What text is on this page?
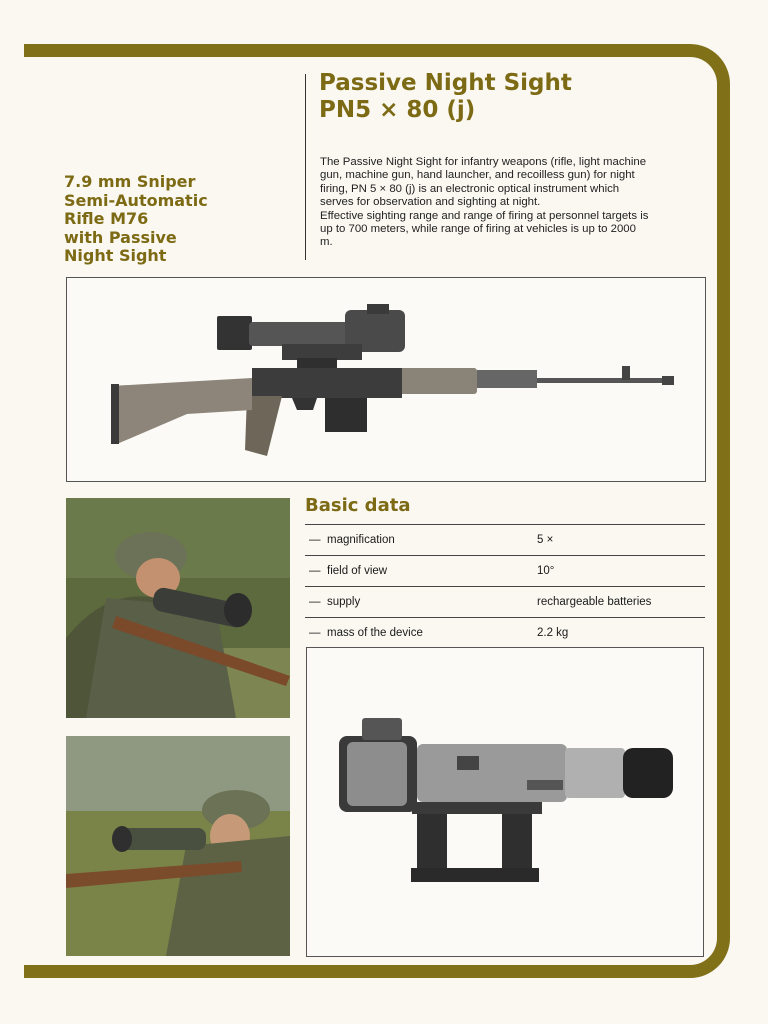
Passive Night Sight
PN5 × 80 (j)
7.9 mm Sniper
Semi-Automatic
Rifle M76
with Passive
Night Sight

The Passive Night Sight for infantry weapons (rifle, light machine gun, machine gun, hand launcher, and recoilless gun) for night firing, PN 5 × 80 (j) is an electronic optical instrument which serves for observation and sighting at night.

Effective sighting range and range of firing at personnel targets is up to 700 meters, while range of firing at vehicles is up to 2000 m.

Basic data
— magnification	5 ×
— field of view	10°
— supply	rechargeable batteries
— mass of the device	2.2 kg
